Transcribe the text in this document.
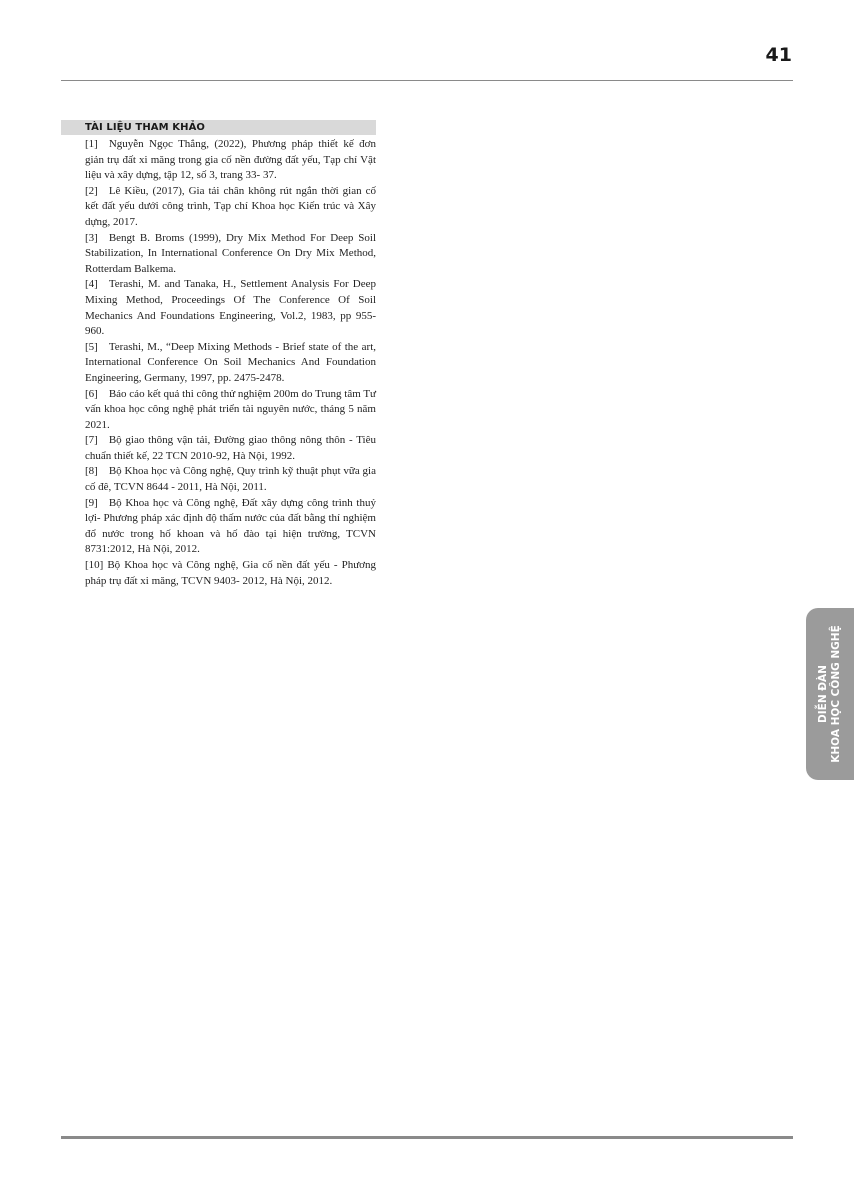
41
TÀI LIỆU THAM KHẢO
[1] Nguyễn Ngọc Thắng, (2022), Phương pháp thiết kế đơn giản trụ đất xi măng trong gia cố nền đường đất yếu, Tạp chí Vật liệu và xây dựng, tập 12, số 3, trang 33- 37.
[2] Lê Kiều, (2017), Gia tải chân không rút ngắn thời gian cố kết đất yếu dưới công trình, Tạp chí Khoa học Kiến trúc và Xây dựng, 2017.
[3] Bengt B. Broms (1999), Dry Mix Method For Deep Soil Stabilization, In International Conference On Dry Mix Method, Rotterdam Balkema.
[4] Terashi, M. and Tanaka, H., Settlement Analysis For Deep Mixing Method, Proceedings Of The Conference Of Soil Mechanics And Foundations Engineering, Vol.2, 1983, pp 955-960.
[5] Terashi, M., “Deep Mixing Methods - Brief state of the art, International Conference On Soil Mechanics And Foundation Engineering, Germany, 1997, pp. 2475-2478.
[6] Báo cáo kết quả thi công thử nghiệm 200m do Trung tâm Tư vấn khoa học công nghệ phát triển tài nguyên nước, tháng 5 năm 2021.
[7] Bộ giao thông vận tải, Đường giao thông nông thôn - Tiêu chuẩn thiết kế, 22 TCN 2010-92, Hà Nội, 1992.
[8] Bộ Khoa học và Công nghệ, Quy trình kỹ thuật phụt vữa gia cố đê, TCVN 8644 - 2011, Hà Nội, 2011.
[9] Bộ Khoa học và Công nghệ, Đất xây dựng công trình thuỷ lợi- Phương pháp xác định độ thấm nước của đất bằng thí nghiệm đổ nước trong hố khoan và hố đào tại hiện trường, TCVN 8731:2012, Hà Nội, 2012.
[10] Bộ Khoa học và Công nghệ, Gia cố nền đất yếu - Phương pháp trụ đất xi măng, TCVN 9403- 2012, Hà Nội, 2012.
DIỄN ĐÀN KHOA HỌC CÔNG NGHỆ
